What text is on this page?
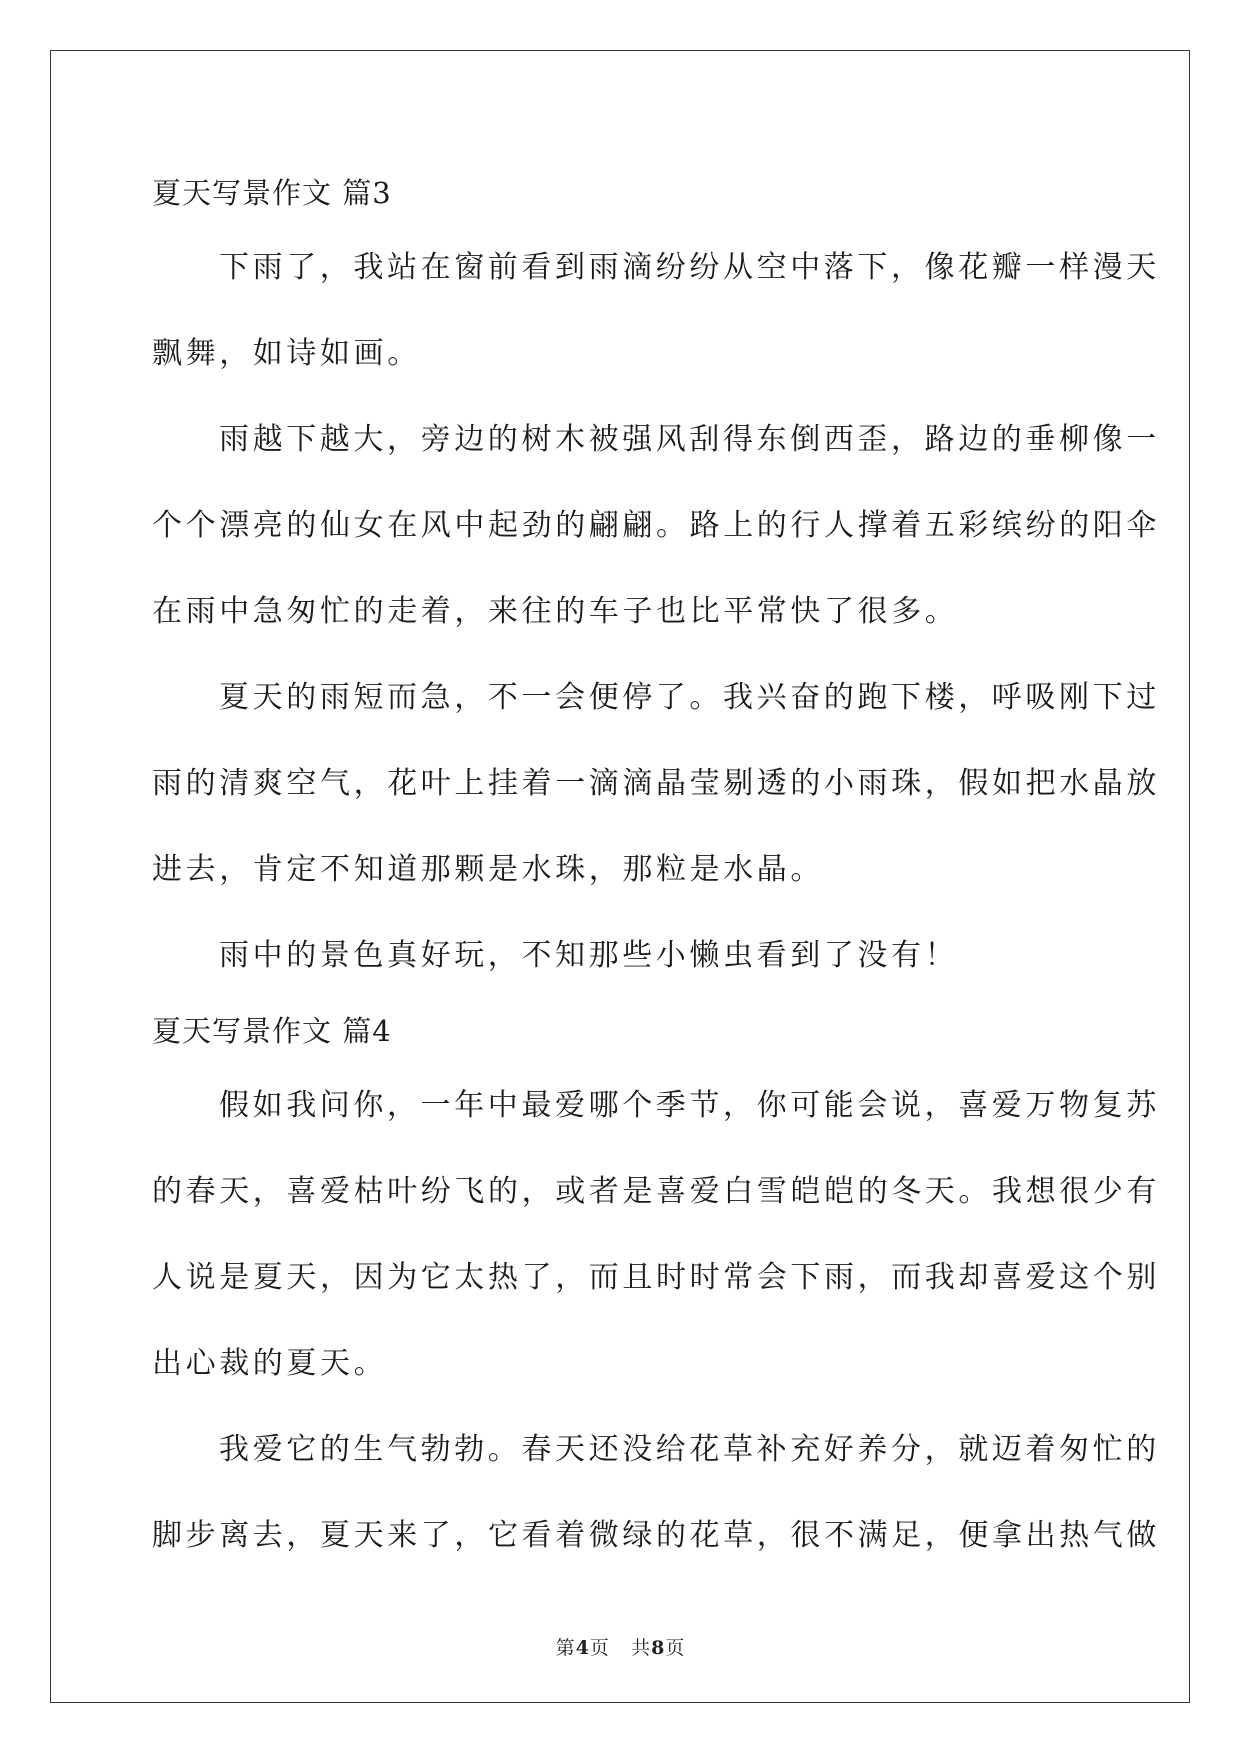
夏天写景作文 篇3

下雨了，我站在窗前看到雨滴纷纷从空中落下，像花瓣一样漫天

飘舞，如诗如画。

雨越下越大，旁边的树木被强风刮得东倒西歪，路边的垂柳像一

个个漂亮的仙女在风中起劲的翩翩。路上的行人撑着五彩缤纷的阳伞

在雨中急匆忙的走着，来往的车子也比平常快了很多。

夏天的雨短而急，不一会便停了。我兴奋的跑下楼，呼吸刚下过

雨的清爽空气，花叶上挂着一滴滴晶莹剔透的小雨珠，假如把水晶放

进去，肯定不知道那颗是水珠，那粒是水晶。

雨中的景色真好玩，不知那些小懒虫看到了没有！

夏天写景作文 篇4

假如我问你，一年中最爱哪个季节，你可能会说，喜爱万物复苏

的春天，喜爱枯叶纷飞的，或者是喜爱白雪皑皑的冬天。我想很少有

人说是夏天，因为它太热了，而且时时常会下雨，而我却喜爱这个别

出心裁的夏天。

我爱它的生气勃勃。春天还没给花草补充好养分，就迈着匆忙的

脚步离去，夏天来了，它看着微绿的花草，很不满足，便拿出热气做

第4页 共8页
